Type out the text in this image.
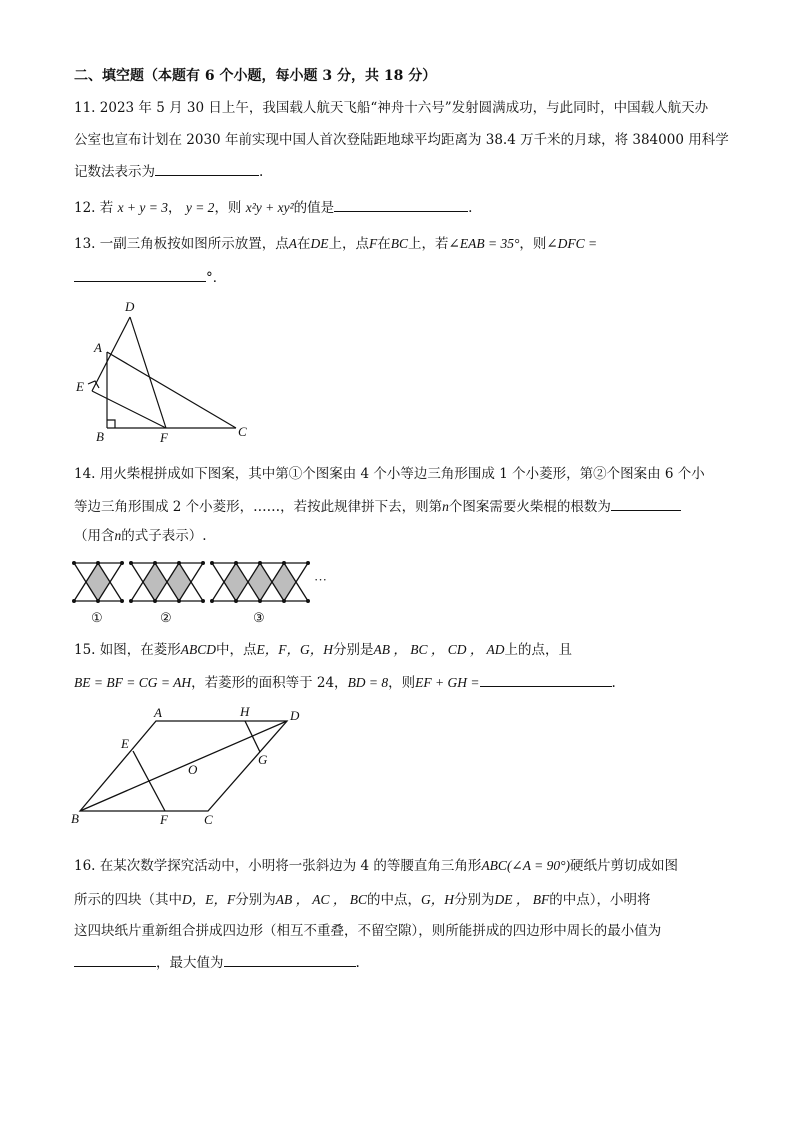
二、填空题（本题有 6 个小题，每小题 3 分，共 18 分）
11. 2023 年 5 月 30 日上午，我国载人航天飞船“神舟十六号”发射圆满成功，与此同时，中国载人航天办
公室也宣布计划在 2030 年前实现中国人首次登陆距地球平均距离为 38.4 万千米的月球，将 384000 用科学
记数法表示为	.
12. 若 x + y = 3， y = 2，则 x²y + xy²的值是	.
13. 一副三角板按如图所示放置，点A在DE上，点F在BC上，若∠EAB = 35°，则∠DFC =
°．
D
A
E
B	F	C
14. 用火柴棍拼成如下图案，其中第①个图案由 4 个小等边三角形围成 1 个小菱形，第②个图案由 6 个小
等边三角形围成 2 个小菱形，……，若按此规律拼下去，则第n个图案需要火柴棍的根数为
（用含n的式子表示）.
···
①	②	③
15. 如图，在菱形ABCD中，点E，F，G，H分别是AB ， BC ， CD ， AD上的点，且
BE = BF = CG = AH，若菱形的面积等于 24，BD = 8，则EF + GH =	.
A	H	D
E
O
G
B	F	C
16. 在某次数学探究活动中，小明将一张斜边为 4 的等腰直角三角形ABC(∠A = 90°)硬纸片剪切成如图
所示的四块（其中D，E，F分别为AB ， AC ， BC的中点，G，H分别为DE ， BF的中点），小明将
这四块纸片重新组合拼成四边形（相互不重叠，不留空隙），则所能拼成的四边形中周长的最小值为
，最大值为	.
